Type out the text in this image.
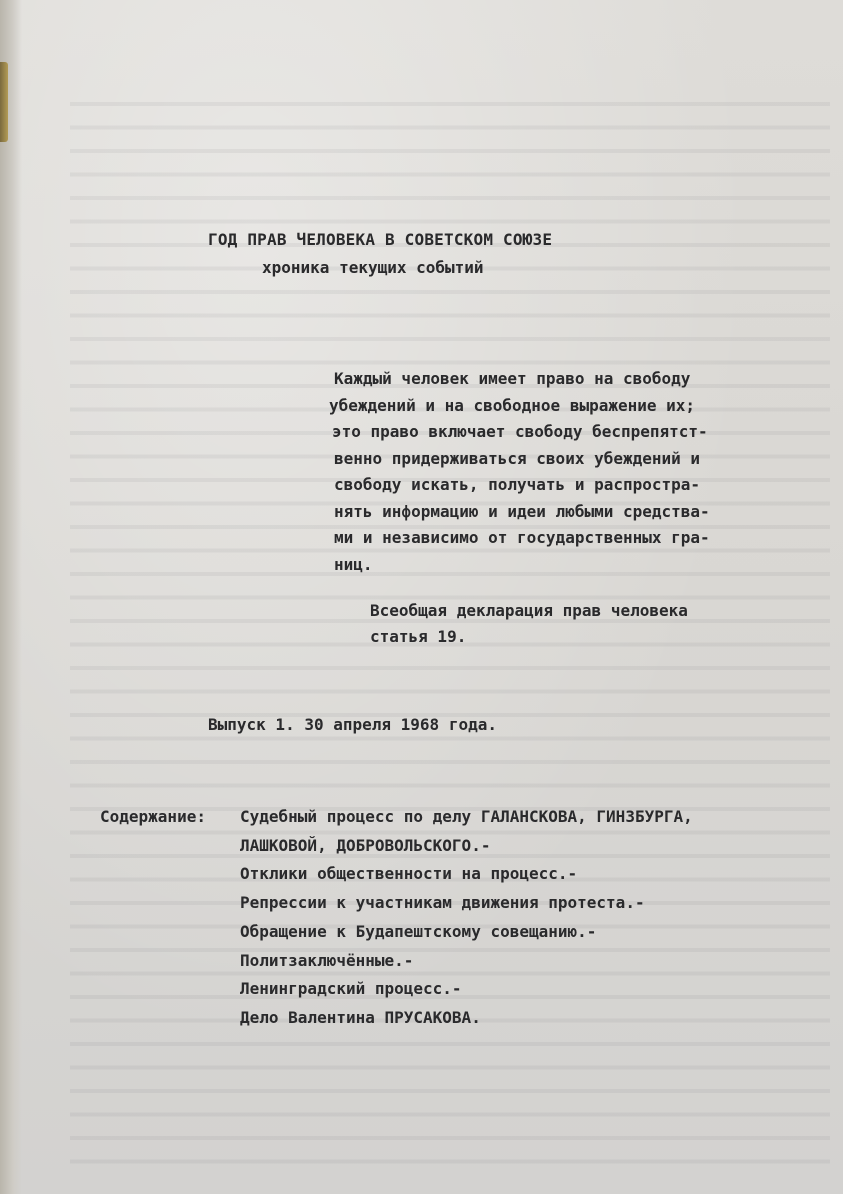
ГОД ПРАВ ЧЕЛОВЕКА В СОВЕТСКОМ СОЮЗЕ
хроника текущих событий
Каждый человек имеет право на свободу
убеждений и на свободное выражение их;
это право включает свободу беспрепятст-
венно придерживаться своих убеждений и
свободу искать, получать и распростра-
нять информацию и идеи любыми средства-
ми и независимо от государственных гра-
ниц.
Всеобщая декларация прав человека
статья 19.
Выпуск 1. 30 апреля 1968 года.
Содержание:	Судебный процесс по делу ГАЛАНСКОВА, ГИНЗБУРГА,
ЛАШКОВОЙ, ДОБРОВОЛЬСКОГО.-
Отклики общественности на процесс.-
Репрессии к участникам движения протеста.-
Обращение к Будапештскому совещанию.-
Политзаключённые.-
Ленинградский процесс.-
Дело Валентина ПРУСАКОВА.
